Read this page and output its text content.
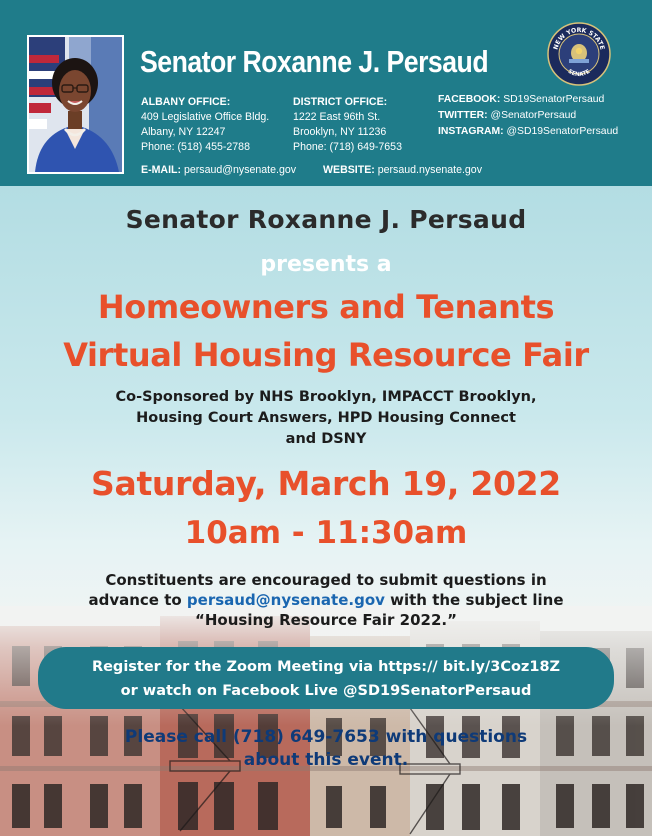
Senator Roxanne J. Persaud
ALBANY OFFICE:
409 Legislative Office Bldg.
Albany, NY 12247
Phone: (518) 455-2788
DISTRICT OFFICE:
1222 East 96th St.
Brooklyn, NY 11236
Phone: (718) 649-7653
FACEBOOK: SD19SenatorPersaud
TWITTER: @SenatorPersaud
INSTAGRAM: @SD19SenatorPersaud
E-MAIL: persaud@nysenate.gov	WEBSITE: persaud.nysenate.gov
NEW YORK STATE
SENATE
Senator Roxanne J. Persaud
presents a
Homeowners and Tenants
Virtual Housing Resource Fair
Co-Sponsored by NHS Brooklyn, IMPACCT Brooklyn,
Housing Court Answers, HPD Housing Connect
and DSNY
Saturday, March 19, 2022
10am - 11:30am
Constituents are encouraged to submit questions in
advance to persaud@nysenate.gov with the subject line
“Housing Resource Fair 2022.”
Register for the Zoom Meeting via https:// bit.ly/3Coz18Z
or watch on Facebook Live @SD19SenatorPersaud
Please call (718) 649-7653 with questions
about this event.
